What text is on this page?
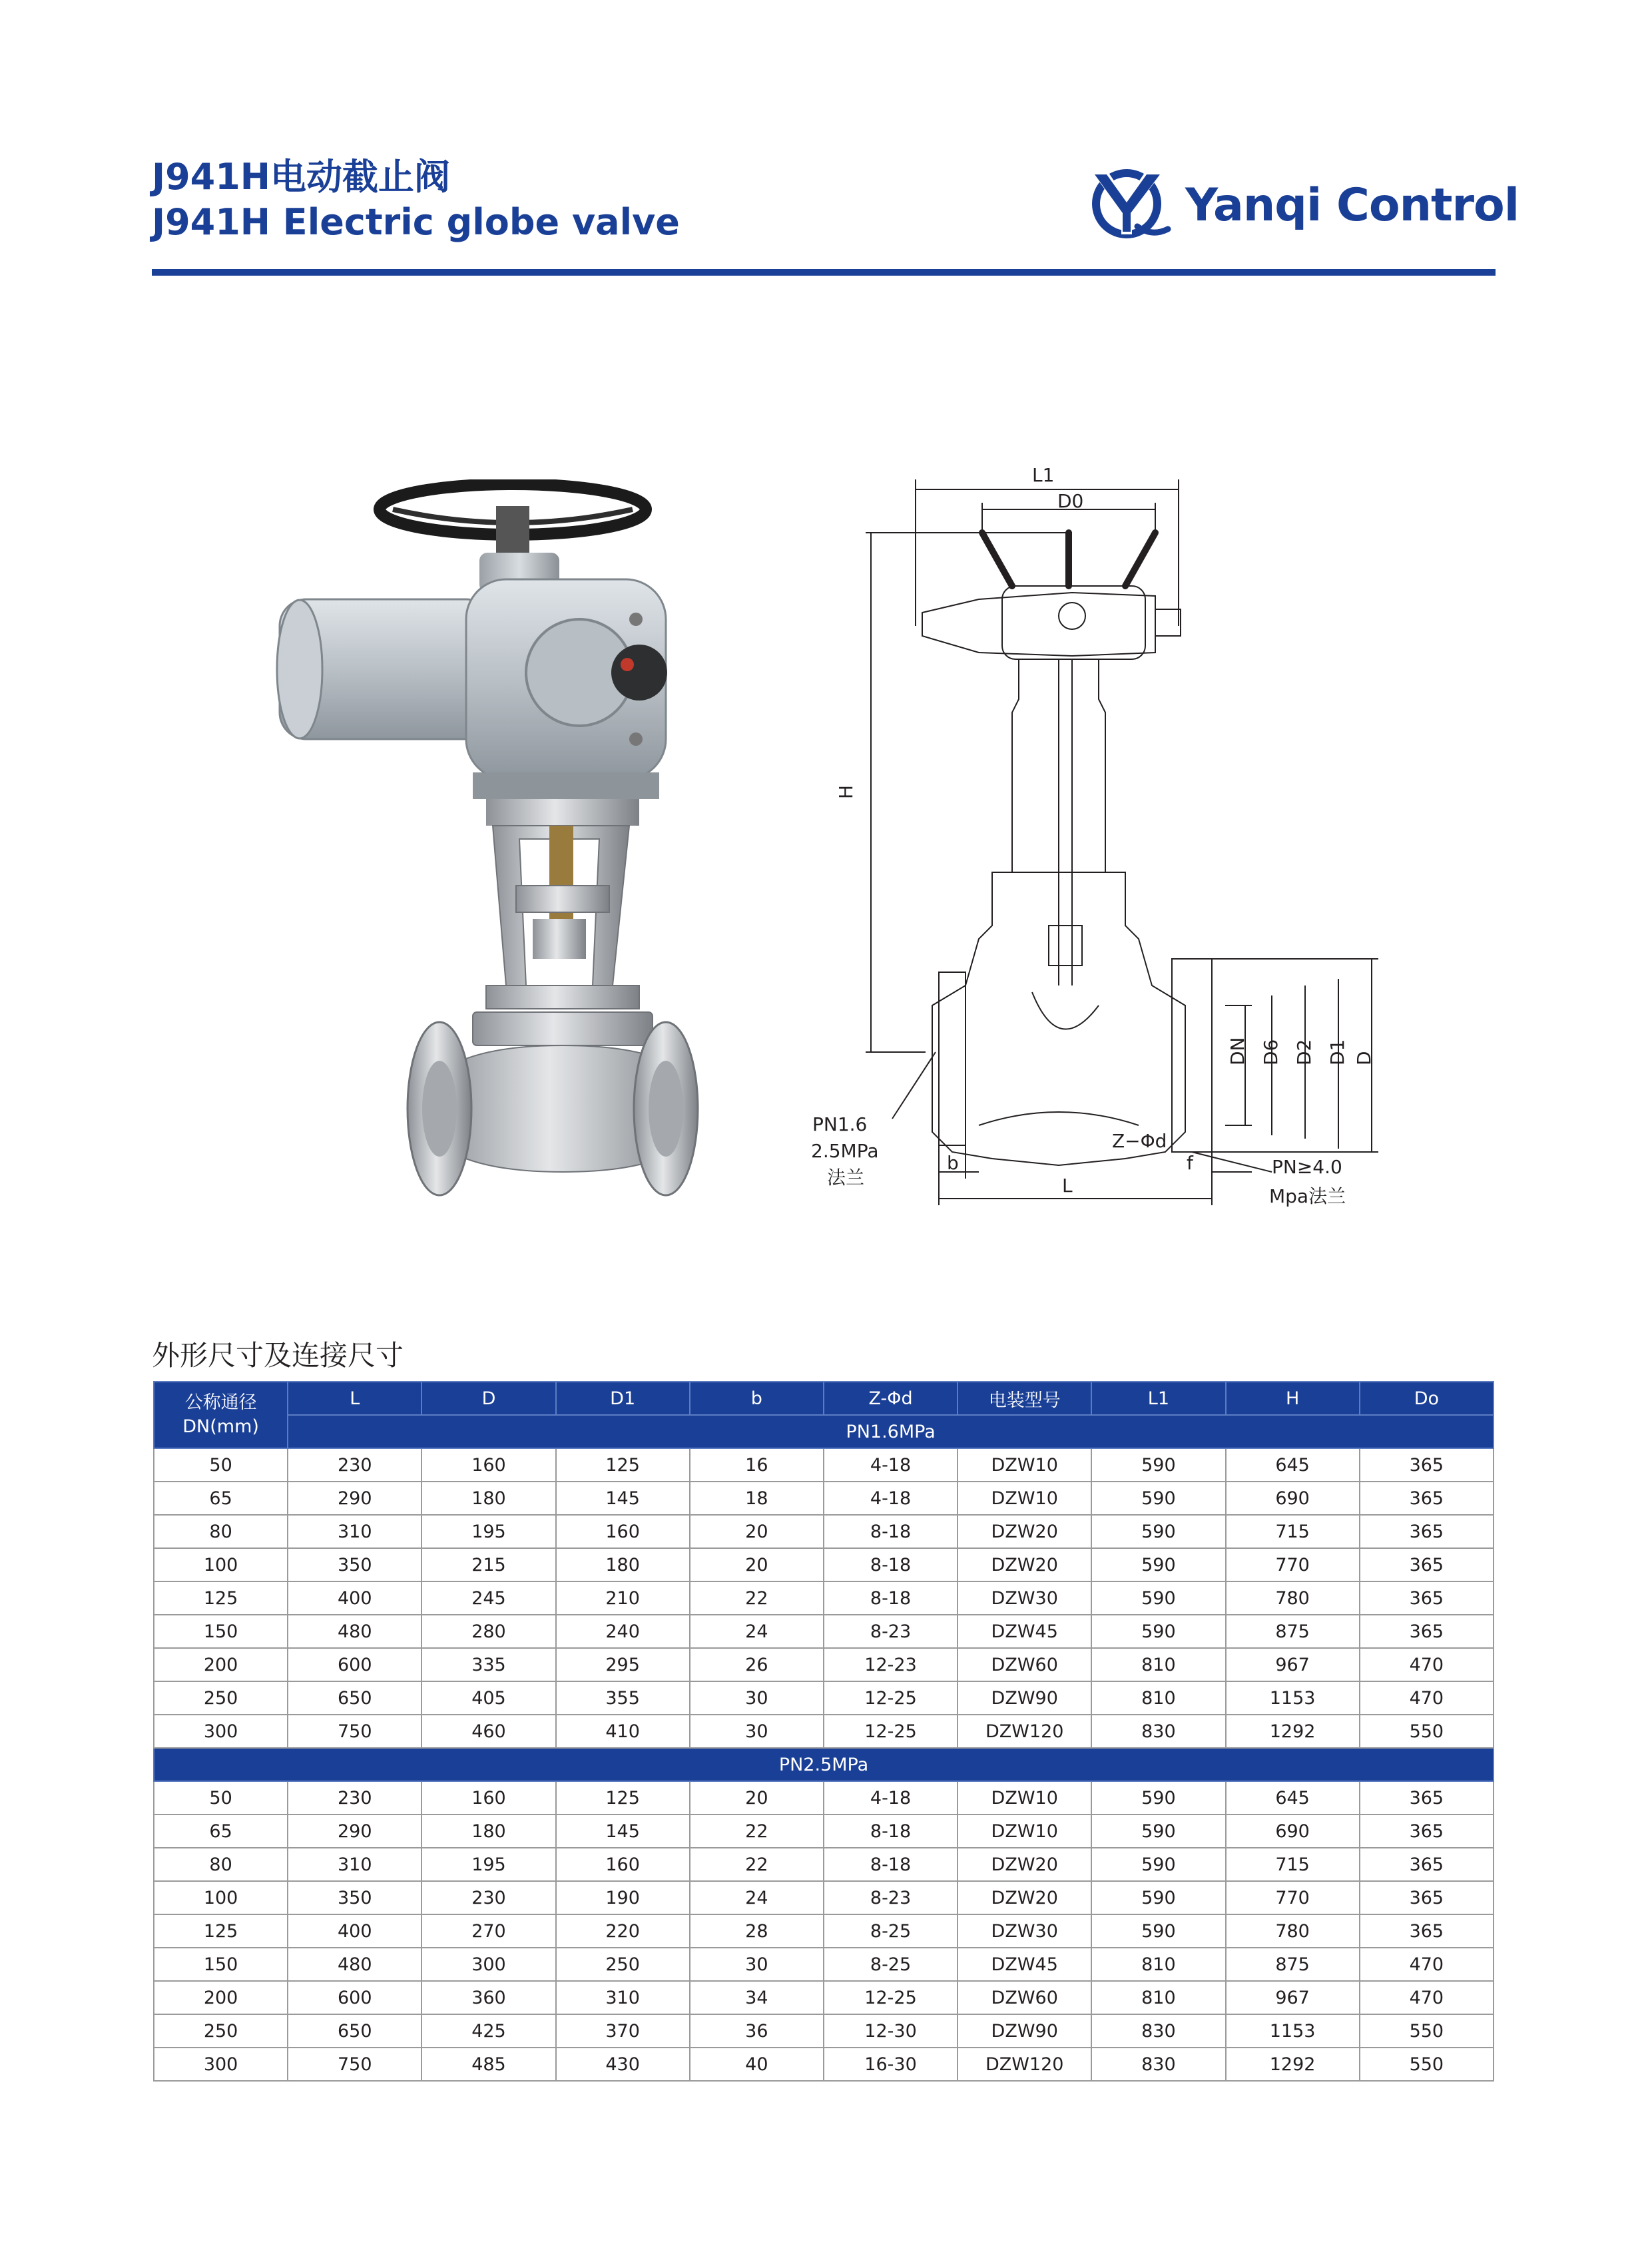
J941H电动截止阀
J941H Electric globe valve	Yanqi Control
L1
D0
H
DN D6 D2 D1 D
PN1.6
2.5MPa
法兰
b
L
f
Z−Φd
PN≥4.0
Mpa法兰
外形尺寸及连接尺寸
公称通径
DN(mm)	L	D	D1	b	Z-Φd	电装型号	L1	H	Do
	PN1.6MPa								
50	230	160	125	16	4-18	DZW10	590	645	365
65	290	180	145	18	4-18	DZW10	590	690	365
80	310	195	160	20	8-18	DZW20	590	715	365
100	350	215	180	20	8-18	DZW20	590	770	365
125	400	245	210	22	8-18	DZW30	590	780	365
150	480	280	240	24	8-23	DZW45	590	875	365
200	600	335	295	26	12-23	DZW60	810	967	470
250	650	405	355	30	12-25	DZW90	810	1153	470
300	750	460	410	30	12-25	DZW120	830	1292	550
PN2.5MPa									
50	230	160	125	20	4-18	DZW10	590	645	365
65	290	180	145	22	8-18	DZW10	590	690	365
80	310	195	160	22	8-18	DZW20	590	715	365
100	350	230	190	24	8-23	DZW20	590	770	365
125	400	270	220	28	8-25	DZW30	590	780	365
150	480	300	250	30	8-25	DZW45	810	875	470
200	600	360	310	34	12-25	DZW60	810	967	470
250	650	425	370	36	12-30	DZW90	830	1153	550
300	750	485	430	40	16-30	DZW120	830	1292	550
